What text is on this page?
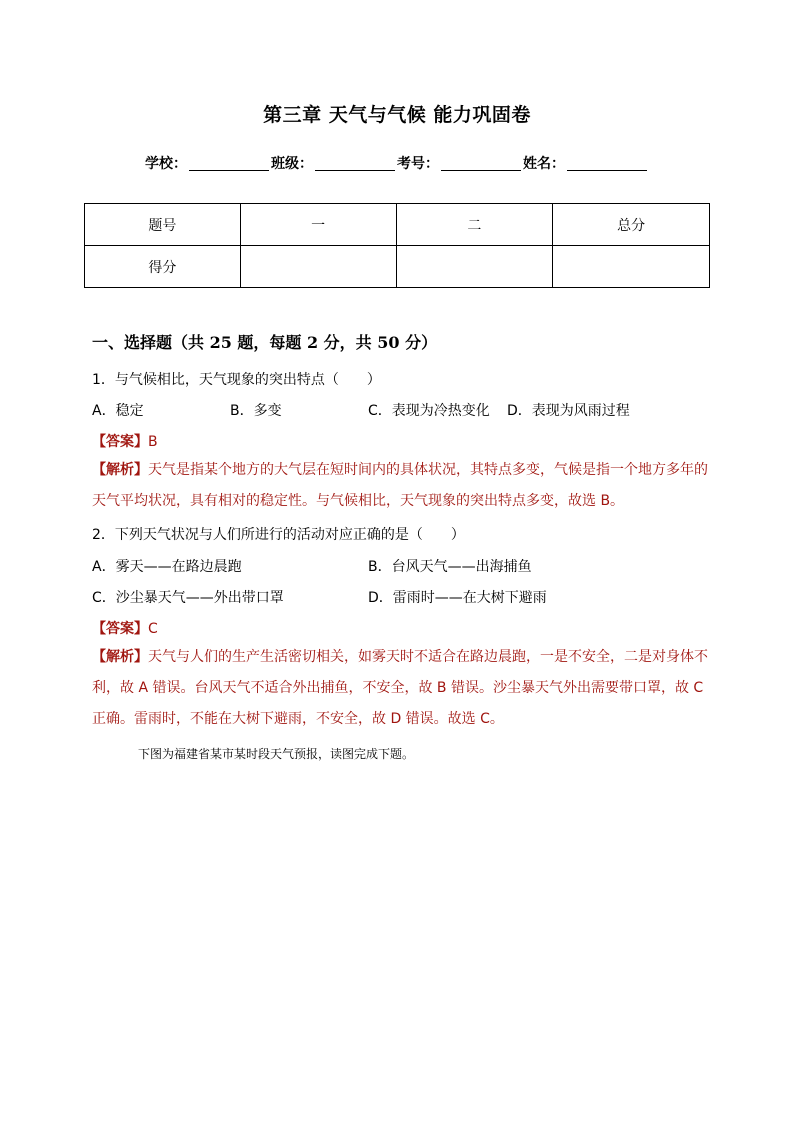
第三章 天气与气候 能力巩固卷
学校：	班级：	考号：	姓名：
题号	一	二	总分
得分			
一、选择题（共 25 题，每题 2 分，共 50 分）
1．与气候相比，天气现象的突出特点（　　）
A．稳定	B．多变	C．表现为冷热变化 D．表现为风雨过程
【答案】B
【解析】天气是指某个地方的大气层在短时间内的具体状况，其特点多变，气候是指一个地方多年的天气平均状况，具有相对的稳定性。与气候相比，天气现象的突出特点多变，故选 B。
2．下列天气状况与人们所进行的活动对应正确的是（　　）
A．雾天——在路边晨跑	B．台风天气——出海捕鱼
C．沙尘暴天气——外出带口罩	D．雷雨时——在大树下避雨
【答案】C
【解析】天气与人们的生产生活密切相关，如雾天时不适合在路边晨跑，一是不安全，二是对身体不利，故 A 错误。台风天气不适合外出捕鱼，不安全，故 B 错误。沙尘暴天气外出需要带口罩，故 C 正确。雷雨时，不能在大树下避雨，不安全，故 D 错误。故选 C。
下图为福建省某市某时段天气预报，读图完成下题。
